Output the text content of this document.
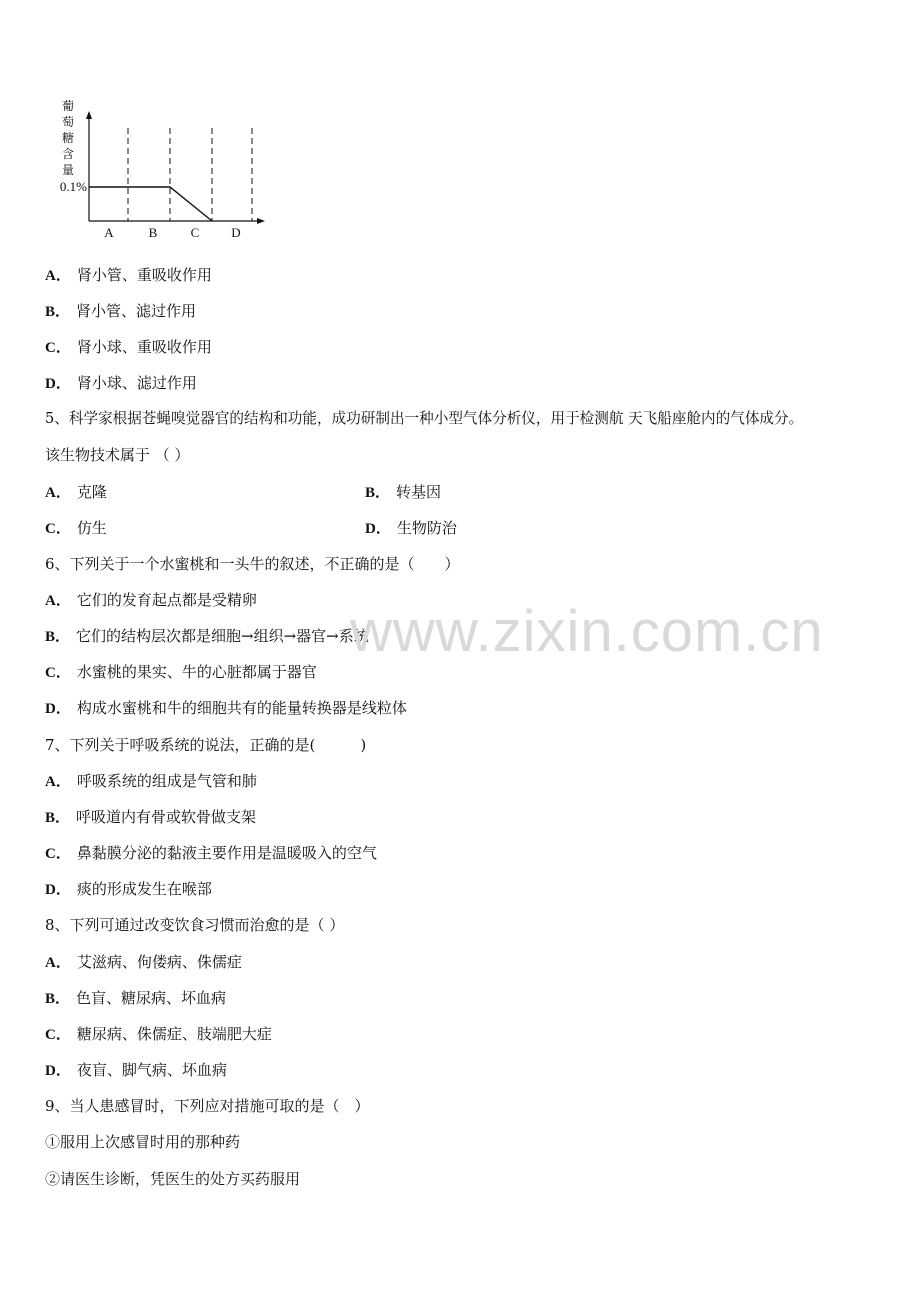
葡
萄
糖
含
量
0.1%
A	B	C D
A． 肾小管、重吸收作用
B． 肾小管、滤过作用
C． 肾小球、重吸收作用
D． 肾小球、滤过作用
5、科学家根据苍蝇嗅觉器官的结构和功能，成功研制出一种小型气体分析仪，用于检测航 天飞船座舱内的气体成分。
该生物技术属于 （ ）
A． 克隆	B． 转基因
C． 仿生	D． 生物防治
6、下列关于一个水蜜桃和一头牛的叙述，不正确的是（　　）
A． 它们的发育起点都是受精卵
B． 它们的结构层次都是细胞→组织→器官→系统
C． 水蜜桃的果实、牛的心脏都属于器官
D． 构成水蜜桃和牛的细胞共有的能量转换器是线粒体
7、下列关于呼吸系统的说法，正确的是(　　　)
A． 呼吸系统的组成是气管和肺
B． 呼吸道内有骨或软骨做支架
C． 鼻黏膜分泌的黏液主要作用是温暖吸入的空气
D． 痰的形成发生在喉部
8、下列可通过改变饮食习惯而治愈的是（ ）
A． 艾滋病、佝偻病、侏儒症
B． 色盲、糖尿病、坏血病
C． 糖尿病、侏儒症、肢端肥大症
D． 夜盲、脚气病、坏血病
9、当人患感冒时，下列应对措施可取的是（　）
①服用上次感冒时用的那种药
②请医生诊断，凭医生的处方买药服用
www.zixin.com.cn
